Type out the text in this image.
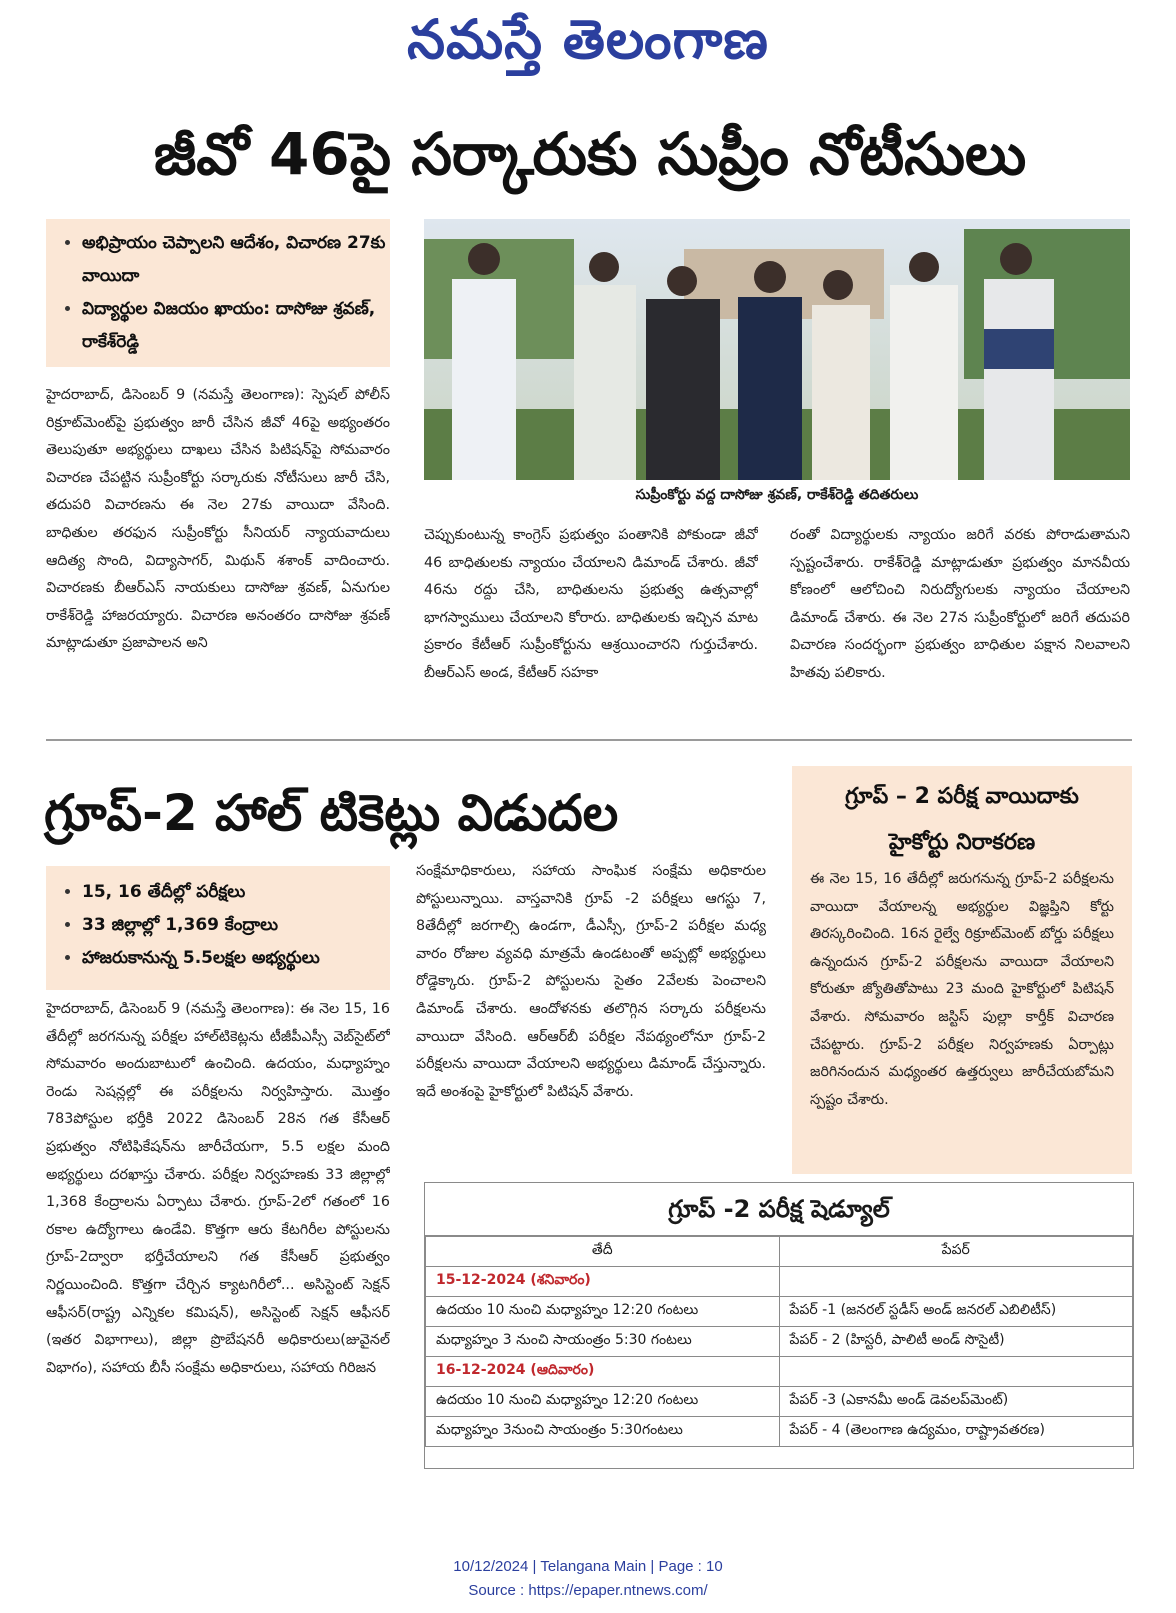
నమస్తే తెలంగాణ
జీవో 46పై సర్కారుకు సుప్రీం నోటీసులు
• అభిప్రాయం చెప్పాలని ఆదేశం, విచారణ 27కు వాయిదా
• విద్యార్థుల విజయం ఖాయం: దాసోజు శ్రవణ్, రాకేశ్‌రెడ్డి

హైదరాబాద్, డిసెంబర్ 9 (నమస్తే తెలంగాణ): స్పెషల్ పోలీస్ రిక్రూట్‌మెంట్‌పై ప్రభుత్వం జారీ చేసిన జీవో 46పై అభ్యంతరం తెలుపుతూ అభ్యర్థులు దాఖలు చేసిన పిటిషన్‌పై సోమవారం విచారణ చేపట్టిన సుప్రీంకోర్టు సర్కారుకు నోటీసులు జారీ చేసి, తదుపరి విచారణను ఈ నెల 27కు వాయిదా వేసింది. బాధితుల తరఫున సుప్రీంకోర్టు సీనియర్ న్యాయవాదులు ఆదిత్య సొంది, విద్యాసాగర్, మిథున్ శశాంక్ వాదించారు. విచారణకు బీఆర్‌ఎస్ నాయకులు దాసోజు శ్రవణ్, ఏనుగుల రాకేశ్‌రెడ్డి హాజరయ్యారు. విచారణ అనంతరం దాసోజు శ్రవణ్ మాట్లాడుతూ ప్రజాపాలన అని

సుప్రీంకోర్టు వద్ద దాసోజు శ్రవణ్, రాకేశ్‌రెడ్డి తదితరులు

చెప్పుకుంటున్న కాంగ్రెస్ ప్రభుత్వం పంతానికి పోకుండా జీవో 46 బాధితులకు న్యాయం చేయాలని డిమాండ్ చేశారు. జీవో 46ను రద్దు చేసి, బాధితులను ప్రభుత్వ ఉత్సవాల్లో భాగస్వాములు చేయాలని కోరారు. బాధితులకు ఇచ్చిన మాట ప్రకారం కేటీఆర్ సుప్రీంకోర్టును ఆశ్రయించారని గుర్తుచేశారు. బీఆర్‌ఎస్ అండ, కేటీఆర్ సహకా

రంతో విద్యార్థులకు న్యాయం జరిగే వరకు పోరాడుతామని స్పష్టంచేశారు. రాకేశ్‌రెడ్డి మాట్లాడుతూ ప్రభుత్వం మానవీయ కోణంలో ఆలోచించి నిరుద్యోగులకు న్యాయం చేయాలని డిమాండ్ చేశారు. ఈ నెల 27న సుప్రీంకోర్టులో జరిగే తదుపరి విచారణ సందర్భంగా ప్రభుత్వం బాధితుల పక్షాన నిలవాలని హితవు పలికారు.

గ్రూప్-2 హాల్ టికెట్లు విడుదల
• 15, 16 తేదీల్లో పరీక్షలు
• 33 జిల్లాల్లో 1,369 కేంద్రాలు
• హాజరుకానున్న 5.5లక్షల అభ్యర్థులు

హైదరాబాద్, డిసెంబర్ 9 (నమస్తే తెలంగాణ): ఈ నెల 15, 16 తేదీల్లో జరగనున్న పరీక్షల హాల్‌టికెట్లను టీజీపీఎస్సీ వెబ్‌సైట్‌లో సోమవారం అందుబాటులో ఉంచింది. ఉదయం, మధ్యాహ్నం రెండు సెషన్లల్లో ఈ పరీక్షలను నిర్వహిస్తారు. మొత్తం 783పోస్టుల భర్తీకి 2022 డిసెంబర్ 28న గత కేసీఆర్ ప్రభుత్వం నోటిఫికేషన్‌ను జారీచేయగా, 5.5 లక్షల మంది అభ్యర్థులు దరఖాస్తు చేశారు. పరీక్షల నిర్వహణకు 33 జిల్లాల్లో 1,368 కేంద్రాలను ఏర్పాటు చేశారు. గ్రూప్-2లో గతంలో 16 రకాల ఉద్యోగాలు ఉండేవి. కొత్తగా ఆరు కేటగిరీల పోస్టులను గ్రూప్-2ద్వారా భర్తీచేయాలని గత కేసీఆర్ ప్రభుత్వం నిర్ణయించింది. కొత్తగా చేర్చిన క్యాటగిరీలో... అసిస్టెంట్ సెక్షన్ ఆఫీసర్(రాష్ట్ర ఎన్నికల కమిషన్), అసిస్టెంట్ సెక్షన్ ఆఫీసర్ (ఇతర విభాగాలు), జిల్లా ప్రొబేషనరీ అధికారులు(జువైనల్ విభాగం), సహాయ బీసీ సంక్షేమ అధికారులు, సహాయ గిరిజన

సంక్షేమాధికారులు, సహాయ సాంఘిక సంక్షేమ అధికారుల పోస్టులున్నాయి. వాస్తవానికి గ్రూప్ -2 పరీక్షలు ఆగస్టు 7, 8తేదీల్లో జరగాల్సి ఉండగా, డీఎస్సీ, గ్రూప్-2 పరీక్షల మధ్య వారం రోజుల వ్యవధి మాత్రమే ఉండటంతో అప్పట్లో అభ్యర్థులు రోడ్డెక్కారు. గ్రూప్-2 పోస్టులను సైతం 2వేలకు పెంచాలని డిమాండ్ చేశారు. ఆందోళనకు తలొగ్గిన సర్కారు పరీక్షలను వాయిదా వేసింది. ఆర్‌ఆర్‌బీ పరీక్షల నేపథ్యంలోనూ గ్రూప్-2 పరీక్షలను వాయిదా వేయాలని అభ్యర్థులు డిమాండ్ చేస్తున్నారు. ఇదే అంశంపై హైకోర్టులో పిటిషన్ వేశారు.

గ్రూప్ – 2 పరీక్ష వాయిదాకు
హైకోర్టు నిరాకరణ

ఈ నెల 15, 16 తేదీల్లో జరుగనున్న గ్రూప్-2 పరీక్షలను వాయిదా వేయాలన్న అభ్యర్థుల విజ్ఞప్తిని కోర్టు తిరస్కరించింది. 16న రైల్వే రిక్రూట్‌మెంట్ బోర్డు పరీక్షలు ఉన్నందున గ్రూప్-2 పరీక్షలను వాయిదా వేయాలని కోరుతూ జ్యోతితోపాటు 23 మంది హైకోర్టులో పిటిషన్ వేశారు. సోమవారం జస్టిస్ పుల్లా కార్తీక్ విచారణ చేపట్టారు. గ్రూప్-2 పరీక్షల నిర్వహణకు ఏర్పాట్లు జరిగినందున మధ్యంతర ఉత్తర్వులు జారీచేయబోమని స్పష్టం చేశారు.

గ్రూప్ -2 పరీక్ష షెడ్యూల్
తేదీ	పేపర్
15-12-2024 (శనివారం)	
ఉదయం 10 నుంచి మధ్యాహ్నం 12:20 గంటలు	పేపర్ -1 (జనరల్ స్టడీస్ అండ్ జనరల్ ఎబిలిటీస్)
మధ్యాహ్నం 3 నుంచి సాయంత్రం 5:30 గంటలు	పేపర్ - 2 (హిస్టరీ, పాలిటీ అండ్ సొసైటీ)
16-12-2024 (ఆదివారం)	
ఉదయం 10 నుంచి మధ్యాహ్నం 12:20 గంటలు	పేపర్ -3 (ఎకానమీ అండ్ డెవలప్‌మెంట్)
మధ్యాహ్నం 3నుంచి సాయంత్రం 5:30గంటలు	పేపర్ - 4 (తెలంగాణ ఉద్యమం, రాష్ట్రావతరణ)
10/12/2024 | Telangana Main | Page : 10
Source : https://epaper.ntnews.com/
